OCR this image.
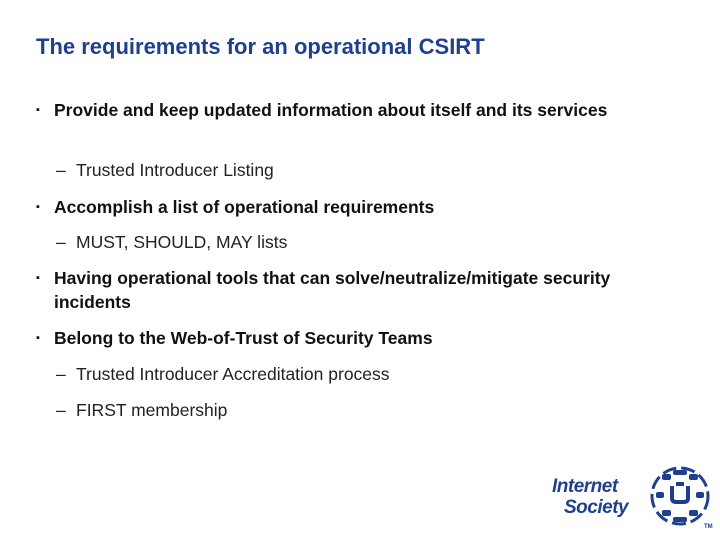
The requirements for an operational CSIRT
▪ Provide and keep updated information about itself and its services
– Trusted Introducer Listing
▪ Accomplish a list of operational requirements
– MUST, SHOULD, MAY lists
▪ Having operational tools that can solve/neutralize/mitigate security incidents
▪ Belong to the Web-of-Trust of Security Teams
– Trusted Introducer Accreditation process
– FIRST membership
Internet
Society
TM
